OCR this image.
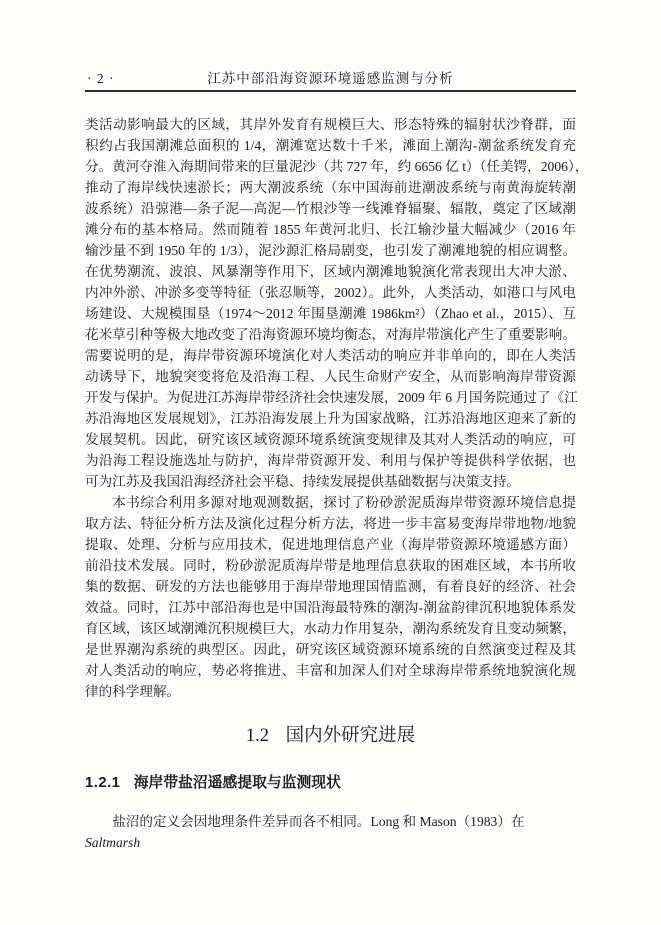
· 2 ·	江苏中部沿海资源环境遥感监测与分析
类活动影响最大的区域，其岸外发育有规模巨大、形态特殊的辐射状沙脊群，面
积约占我国潮滩总面积的 1/4，潮滩宽达数十千米，滩面上潮沟-潮盆系统发育充
分。黄河夺淮入海期间带来的巨量泥沙（共 727 年，约 6656 亿 t）（任美锷，2006），
推动了海岸线快速淤长；两大潮波系统（东中国海前进潮波系统与南黄海旋转潮
波系统）沿弶港—条子泥—高泥—竹根沙等一线滩脊辐聚、辐散，奠定了区域潮
滩分布的基本格局。然而随着 1855 年黄河北归、长江输沙量大幅减少（2016 年
输沙量不到 1950 年的 1/3），泥沙源汇格局剧变，也引发了潮滩地貌的相应调整。
在优势潮流、波浪、风暴潮等作用下，区域内潮滩地貌演化常表现出大冲大淤、
内冲外淤、冲淤多变等特征（张忍顺等，2002）。此外，人类活动，如港口与风电
场建设、大规模围垦（1974～2012 年围垦潮滩 1986km²）（Zhao et al.，2015）、互
花米草引种等极大地改变了沿海资源环境均衡态，对海岸带演化产生了重要影响。
需要说明的是，海岸带资源环境演化对人类活动的响应并非单向的，即在人类活
动诱导下，地貌突变将危及沿海工程、人民生命财产安全，从而影响海岸带资源
开发与保护。为促进江苏海岸带经济社会快速发展，2009 年 6 月国务院通过了《江
苏沿海地区发展规划》，江苏沿海发展上升为国家战略，江苏沿海地区迎来了新的
发展契机。因此，研究该区域资源环境系统演变规律及其对人类活动的响应，可
为沿海工程设施选址与防护，海岸带资源开发、利用与保护等提供科学依据，也
可为江苏及我国沿海经济社会平稳、持续发展提供基础数据与决策支持。
本书综合利用多源对地观测数据，探讨了粉砂淤泥质海岸带资源环境信息提
取方法、特征分析方法及演化过程分析方法，将进一步丰富易变海岸带地物/地貌
提取、处理、分析与应用技术，促进地理信息产业（海岸带资源环境遥感方面）
前沿技术发展。同时，粉砂淤泥质海岸带是地理信息获取的困难区域，本书所收
集的数据、研发的方法也能够用于海岸带地理国情监测，有着良好的经济、社会
效益。同时，江苏中部沿海也是中国沿海最特殊的潮沟-潮盆韵律沉积地貌体系发
育区域，该区域潮滩沉积规模巨大，水动力作用复杂，潮沟系统发育且变动频繁，
是世界潮沟系统的典型区。因此，研究该区域资源环境系统的自然演变过程及其
对人类活动的响应，势必将推进、丰富和加深人们对全球海岸带系统地貌演化规
律的科学理解。
1.2 国内外研究进展
1.2.1 海岸带盐沼遥感提取与监测现状

盐沼的定义会因地理条件差异而各不相同。Long 和 Mason（1983）在 Saltmarsh
